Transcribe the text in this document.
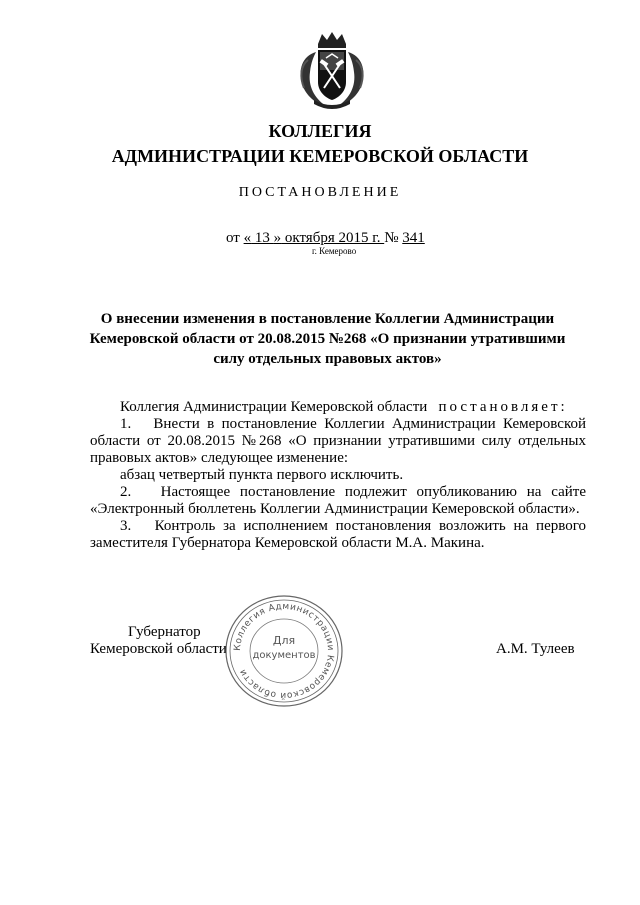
КОЛЛЕГИЯ
АДМИНИСТРАЦИИ КЕМЕРОВСКОЙ ОБЛАСТИ
ПОСТАНОВЛЕНИЕ
от « 13 » октября 2015 г. № 341
г. Кемерово
О внесении изменения в постановление Коллегии Администрации
Кемеровской области от 20.08.2015 №268 «О признании утратившими
силу отдельных правовых актов»

Коллегия Администрации Кемеровской области постановляет:

1.   Внести в постановление Коллегии Администрации Кемеровской области от 20.08.2015 №268 «О признании утратившими силу отдельных правовых актов» следующее изменение:

абзац четвертый пункта первого исключить.

2.   Настоящее постановление подлежит опубликованию на сайте «Электронный бюллетень Коллегии Администрации Кемеровской области».

3.   Контроль за исполнением постановления возложить на первого заместителя Губернатора Кемеровской области М.А. Макина.

Губернатор
Кемеровской области	А.М. Тулеев
Коллегия Администрации Кемеровской области
Для
документов
